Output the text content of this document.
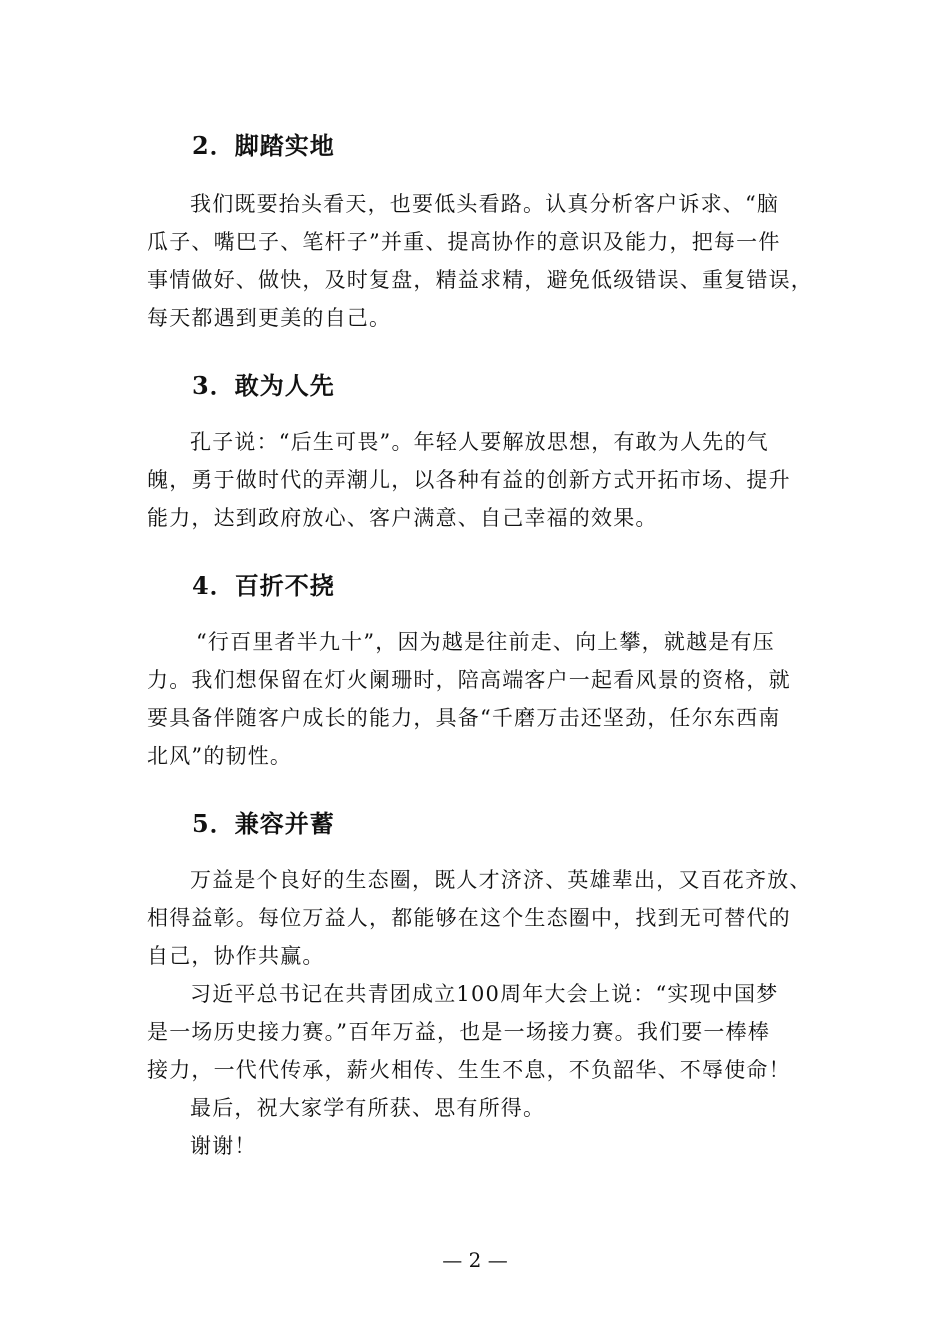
2．脚踏实地
我们既要抬头看天，也要低头看路。认真分析客户诉求、“脑
瓜子、嘴巴子、笔杆子”并重、提高协作的意识及能力，把每一件
事情做好、做快，及时复盘，精益求精，避免低级错误、重复错误，
每天都遇到更美的自己。
3．敢为人先
孔子说：“后生可畏”。年轻人要解放思想，有敢为人先的气
魄，勇于做时代的弄潮儿，以各种有益的创新方式开拓市场、提升
能力，达到政府放心、客户满意、自己幸福的效果。
4．百折不挠
“行百里者半九十”，因为越是往前走、向上攀，就越是有压
力。我们想保留在灯火阑珊时，陪高端客户一起看风景的资格，就
要具备伴随客户成长的能力，具备“千磨万击还坚劲，任尔东西南
北风”的韧性。
5．兼容并蓄
万益是个良好的生态圈，既人才济济、英雄辈出，又百花齐放、
相得益彰。每位万益人，都能够在这个生态圈中，找到无可替代的
自己，协作共赢。
习近平总书记在共青团成立100周年大会上说：“实现中国梦
是一场历史接力赛。”百年万益，也是一场接力赛。我们要一棒棒
接力，一代代传承，薪火相传、生生不息，不负韶华、不辱使命！
最后，祝大家学有所获、思有所得。
谢谢！
— 2 —
